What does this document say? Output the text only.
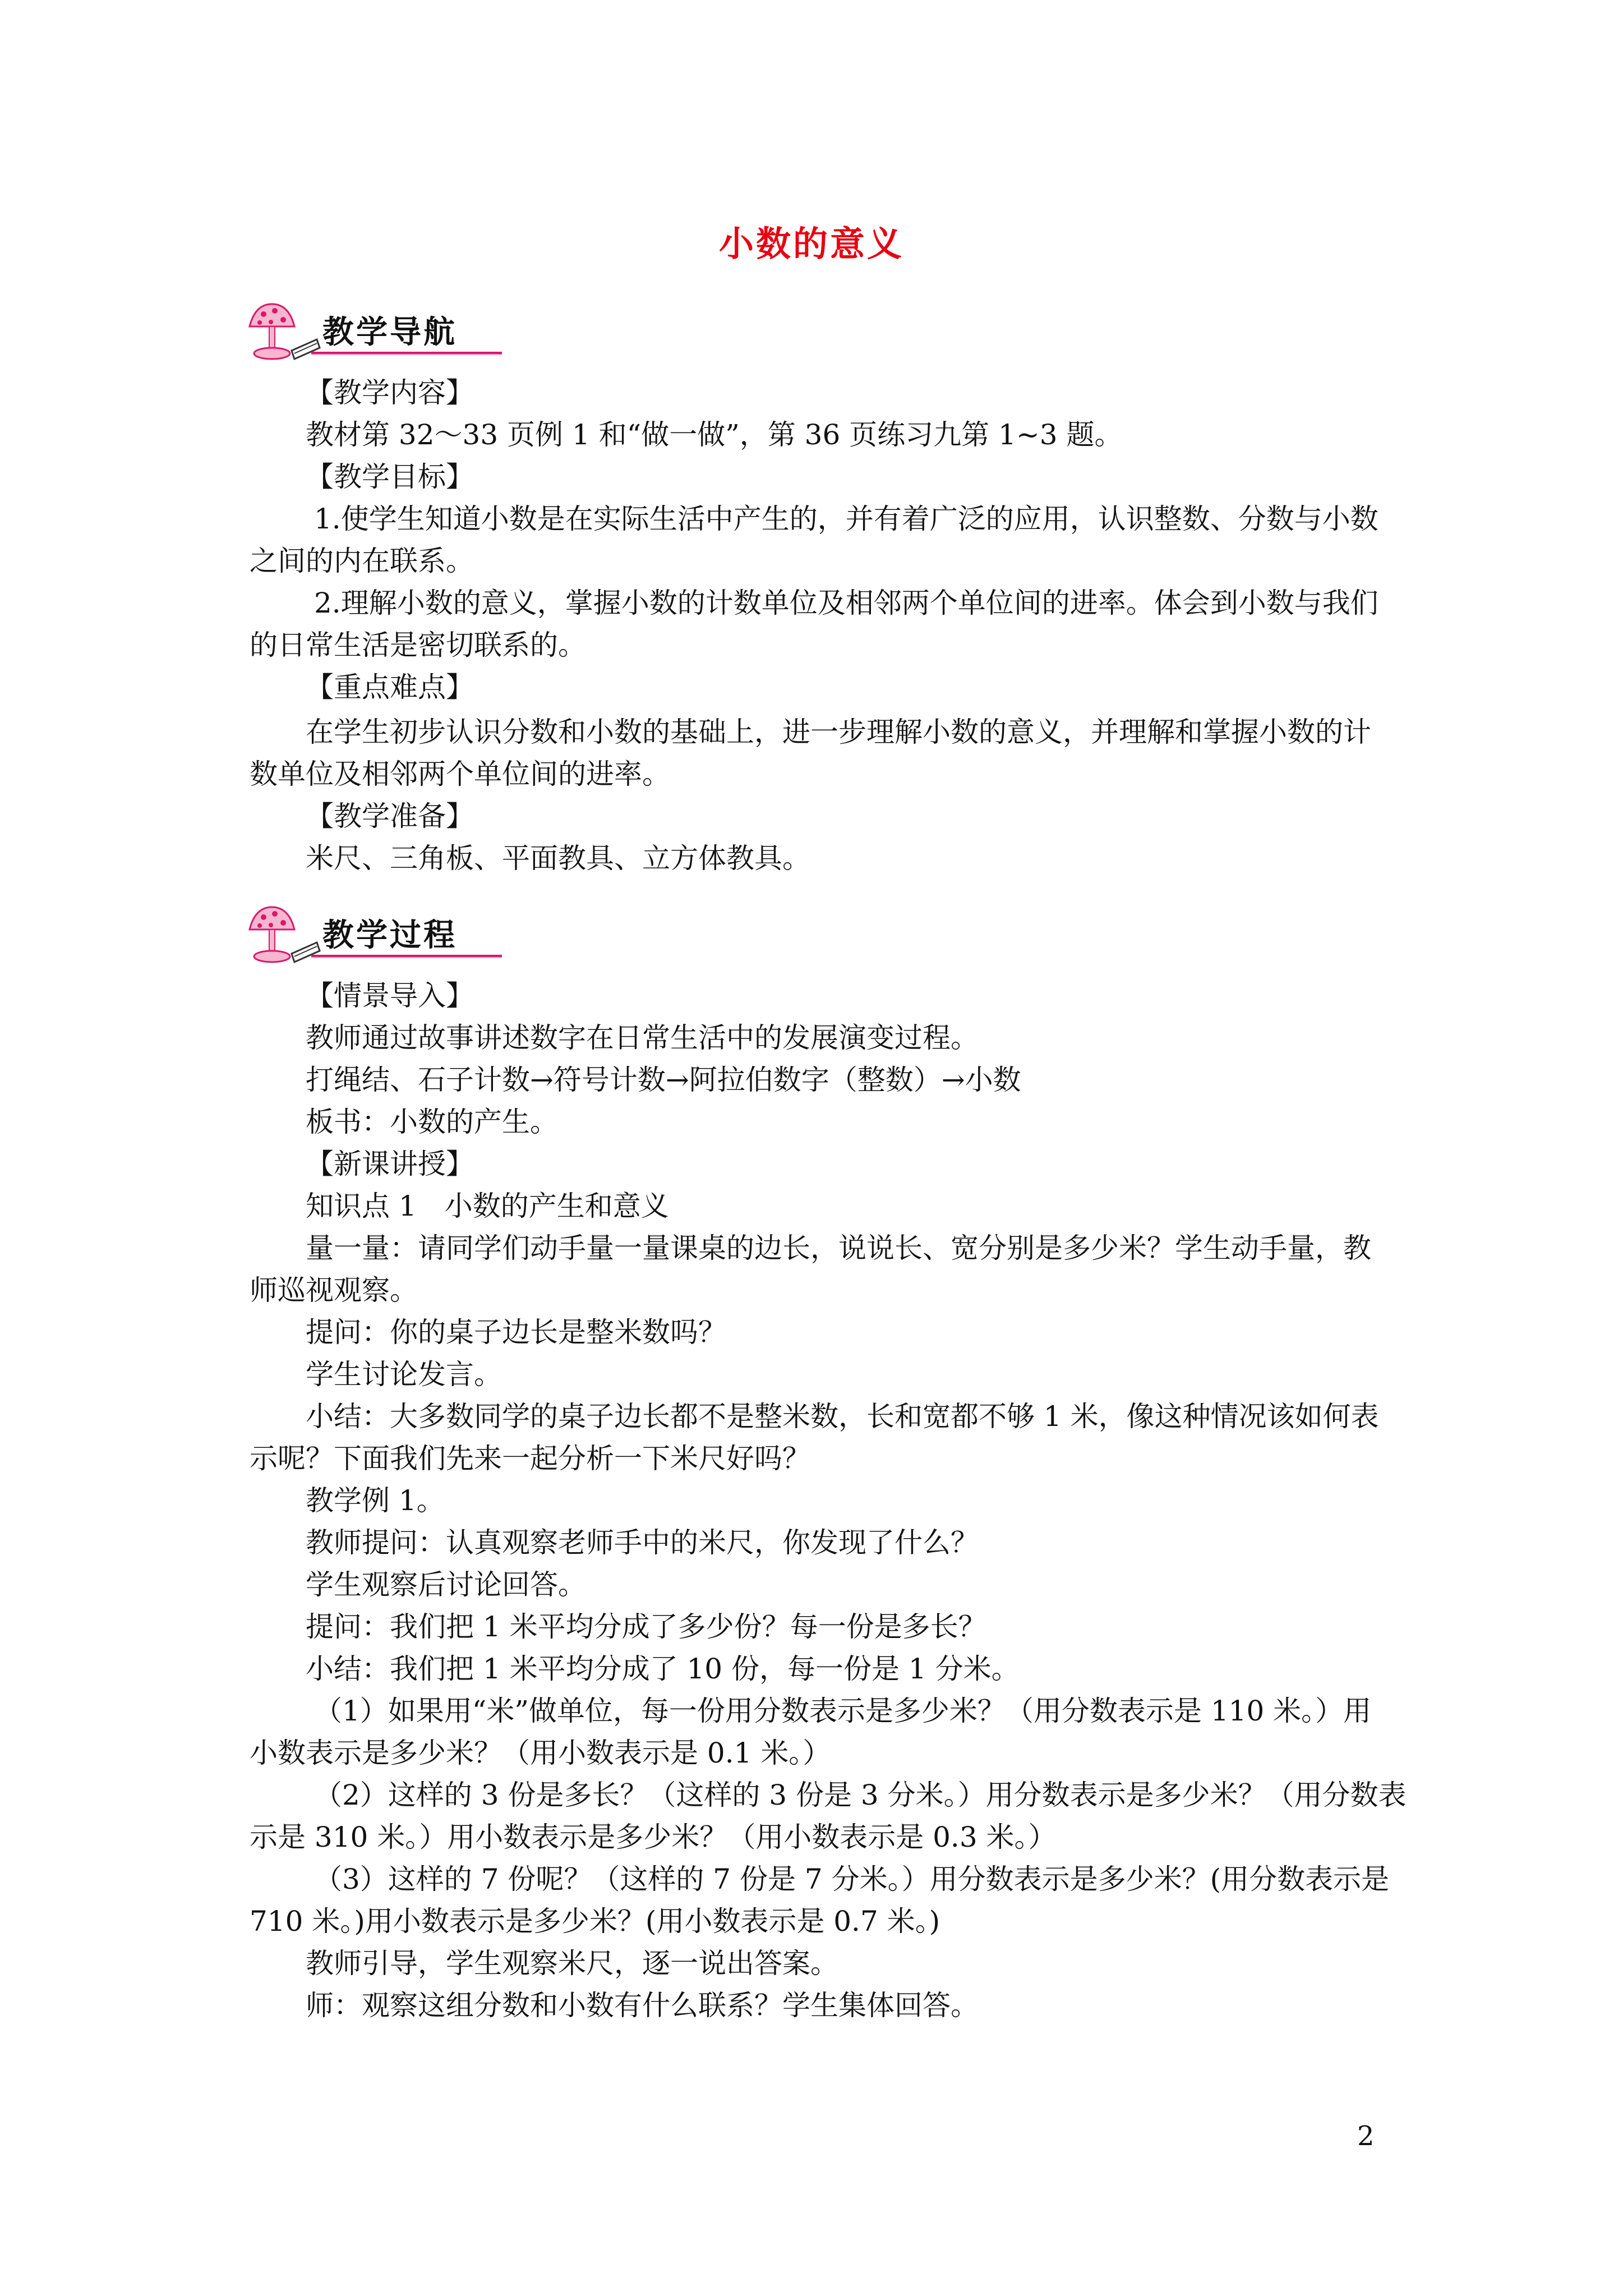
小数的意义
教学导航
教学过程
【教学内容】
教材第 32～33 页例 1 和“做一做”，第 36 页练习九第 1~3 题。
【教学目标】
1.使学生知道小数是在实际生活中产生的，并有着广泛的应用，认识整数、分数与小数
之间的内在联系。
2.理解小数的意义，掌握小数的计数单位及相邻两个单位间的进率。体会到小数与我们
的日常生活是密切联系的。
【重点难点】
在学生初步认识分数和小数的基础上，进一步理解小数的意义，并理解和掌握小数的计
数单位及相邻两个单位间的进率。
【教学准备】
米尺、三角板、平面教具、立方体教具。
【情景导入】
教师通过故事讲述数字在日常生活中的发展演变过程。
打绳结、石子计数→符号计数→阿拉伯数字（整数）→小数
板书：小数的产生。
【新课讲授】
知识点 1　小数的产生和意义
量一量：请同学们动手量一量课桌的边长，说说长、宽分别是多少米？学生动手量，教
师巡视观察。
提问：你的桌子边长是整米数吗？
学生讨论发言。
小结：大多数同学的桌子边长都不是整米数，长和宽都不够 1 米，像这种情况该如何表
示呢？下面我们先来一起分析一下米尺好吗？
教学例 1。
教师提问：认真观察老师手中的米尺，你发现了什么？
学生观察后讨论回答。
提问：我们把 1 米平均分成了多少份？每一份是多长？
小结：我们把 1 米平均分成了 10 份，每一份是 1 分米。
（1）如果用“米”做单位，每一份用分数表示是多少米？（用分数表示是 110 米。）用
小数表示是多少米？（用小数表示是 0.1 米。）
（2）这样的 3 份是多长？（这样的 3 份是 3 分米。）用分数表示是多少米？（用分数表
示是 310 米。）用小数表示是多少米？（用小数表示是 0.3 米。）
（3）这样的 7 份呢？（这样的 7 份是 7 分米。）用分数表示是多少米？(用分数表示是
710 米。)用小数表示是多少米？(用小数表示是 0.7 米。)
教师引导，学生观察米尺，逐一说出答案。
师：观察这组分数和小数有什么联系？学生集体回答。
2
